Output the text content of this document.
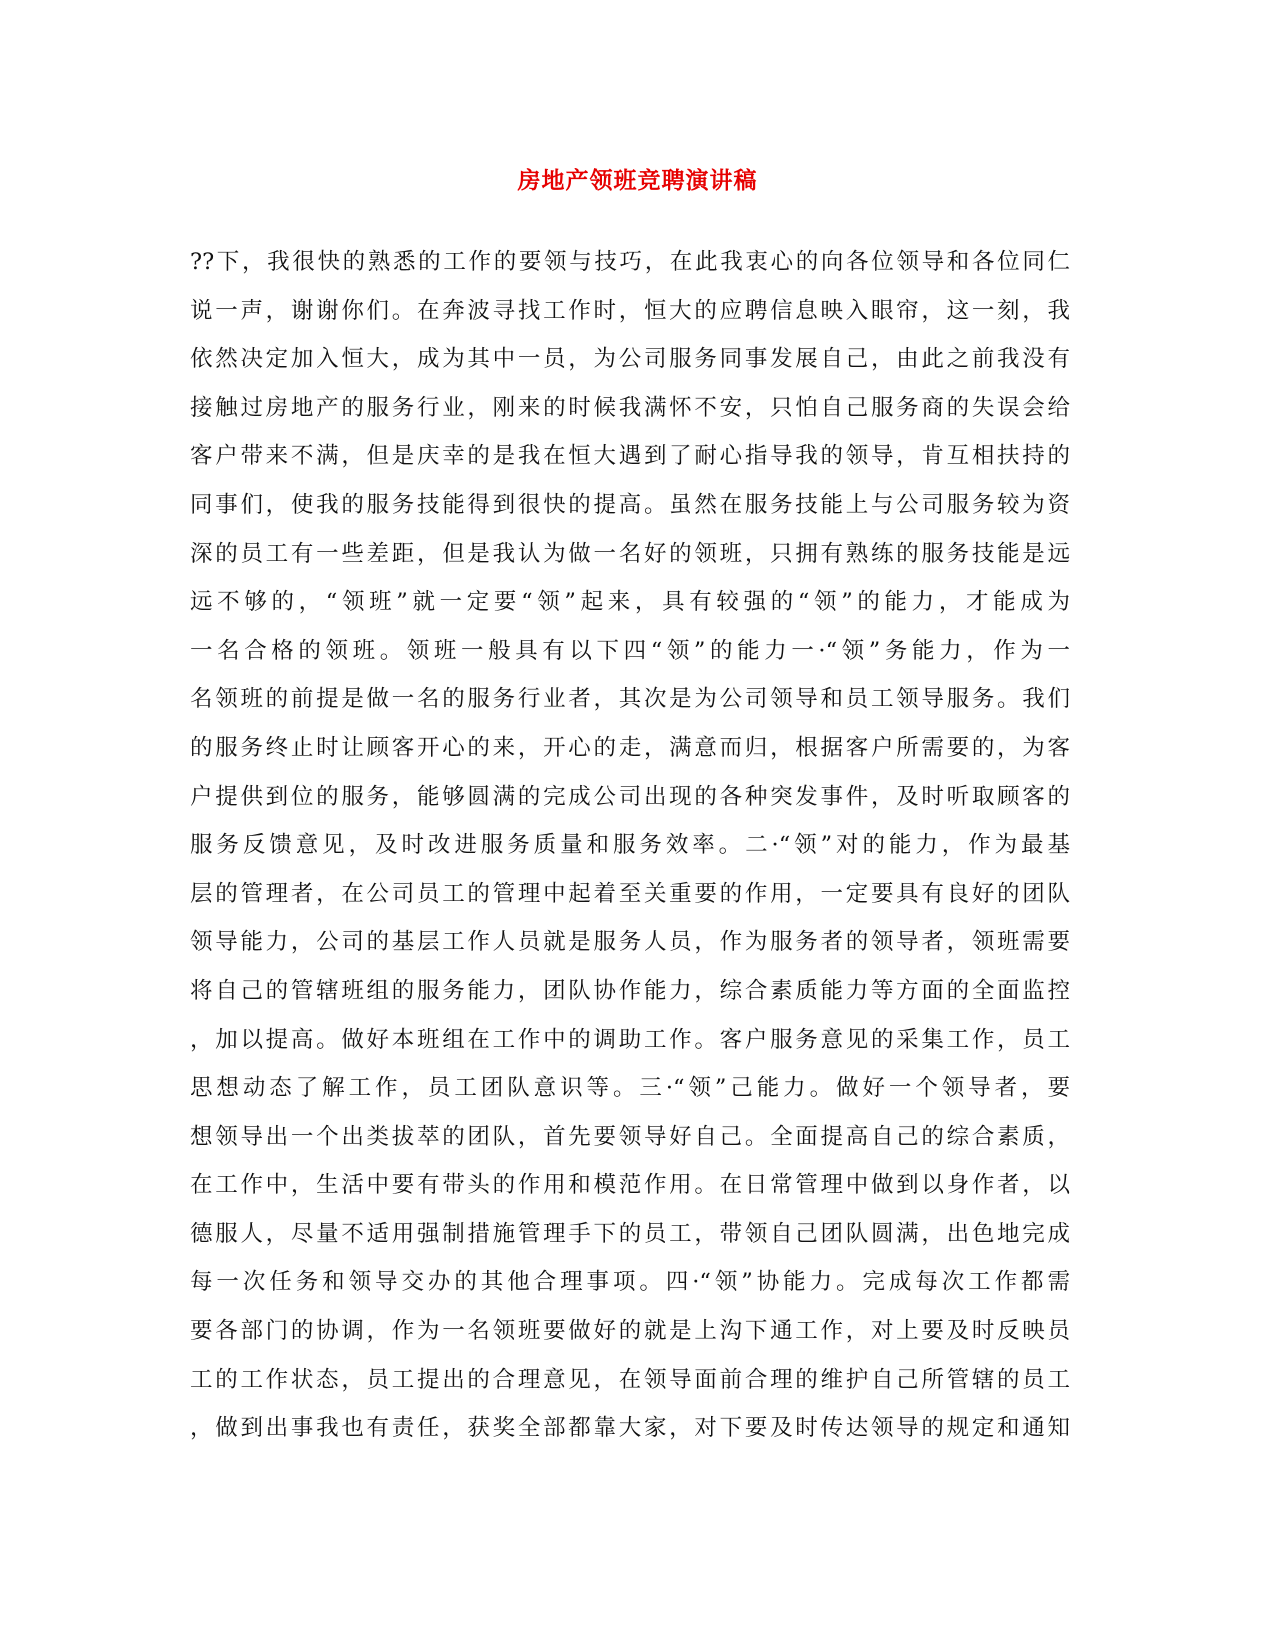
房地产领班竞聘演讲稿
??下，我很快的熟悉的工作的要领与技巧，在此我衷心的向各位领导和各位同仁
说一声，谢谢你们。在奔波寻找工作时，恒大的应聘信息映入眼帘，这一刻，我
依然决定加入恒大，成为其中一员，为公司服务同事发展自己，由此之前我没有
接触过房地产的服务行业，刚来的时候我满怀不安，只怕自己服务商的失误会给
客户带来不满，但是庆幸的是我在恒大遇到了耐心指导我的领导，肯互相扶持的
同事们，使我的服务技能得到很快的提高。虽然在服务技能上与公司服务较为资
深的员工有一些差距，但是我认为做一名好的领班，只拥有熟练的服务技能是远
远不够的，“领班”就一定要“领”起来，具有较强的“领”的能力，才能成为
一名合格的领班。领班一般具有以下四“领”的能力一·“领”务能力，作为一
名领班的前提是做一名的服务行业者，其次是为公司领导和员工领导服务。我们
的服务终止时让顾客开心的来，开心的走，满意而归，根据客户所需要的，为客
户提供到位的服务，能够圆满的完成公司出现的各种突发事件，及时听取顾客的
服务反馈意见，及时改进服务质量和服务效率。二·“领”对的能力，作为最基
层的管理者，在公司员工的管理中起着至关重要的作用，一定要具有良好的团队
领导能力，公司的基层工作人员就是服务人员，作为服务者的领导者，领班需要
将自己的管辖班组的服务能力，团队协作能力，综合素质能力等方面的全面监控
，加以提高。做好本班组在工作中的调助工作。客户服务意见的采集工作，员工
思想动态了解工作，员工团队意识等。三·“领”己能力。做好一个领导者，要
想领导出一个出类拔萃的团队，首先要领导好自己。全面提高自己的综合素质，
在工作中，生活中要有带头的作用和模范作用。在日常管理中做到以身作者，以
德服人，尽量不适用强制措施管理手下的员工，带领自己团队圆满，出色地完成
每一次任务和领导交办的其他合理事项。四·“领”协能力。完成每次工作都需
要各部门的协调，作为一名领班要做好的就是上沟下通工作，对上要及时反映员
工的工作状态，员工提出的合理意见，在领导面前合理的维护自己所管辖的员工
，做到出事我也有责任，获奖全部都靠大家，对下要及时传达领导的规定和通知
